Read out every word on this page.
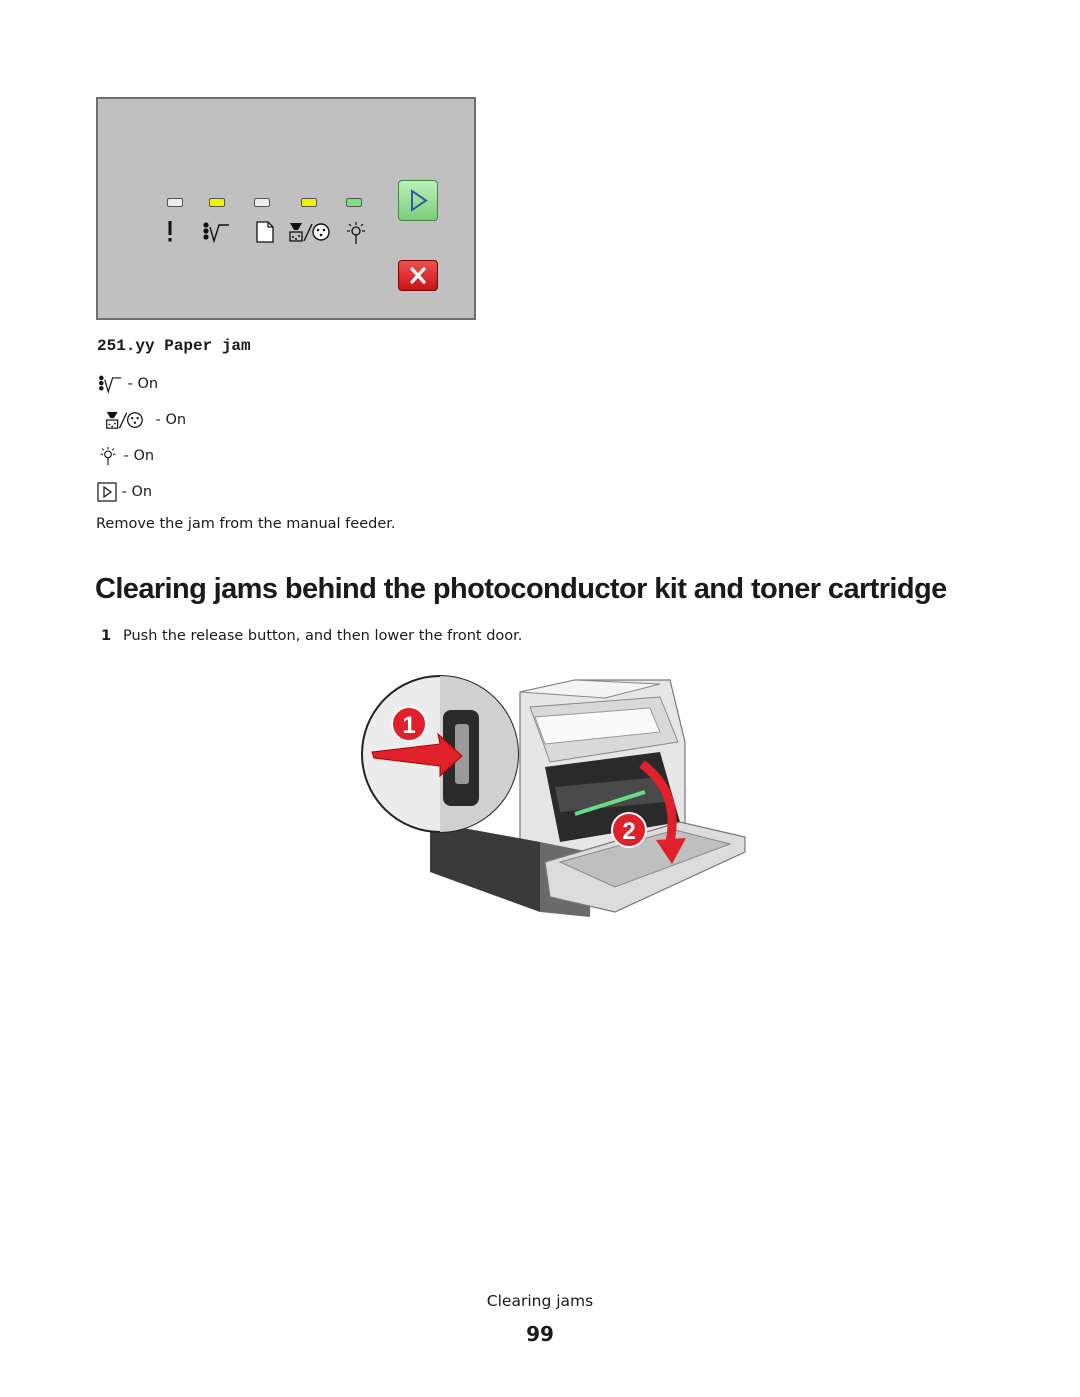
251.yy Paper jam
- On
- On
- On
- On
Remove the jam from the manual feeder.
Clearing jams behind the photoconductor kit and toner cartridge
1 Push the release button, and then lower the front door.
1
2
Clearing jams
99
